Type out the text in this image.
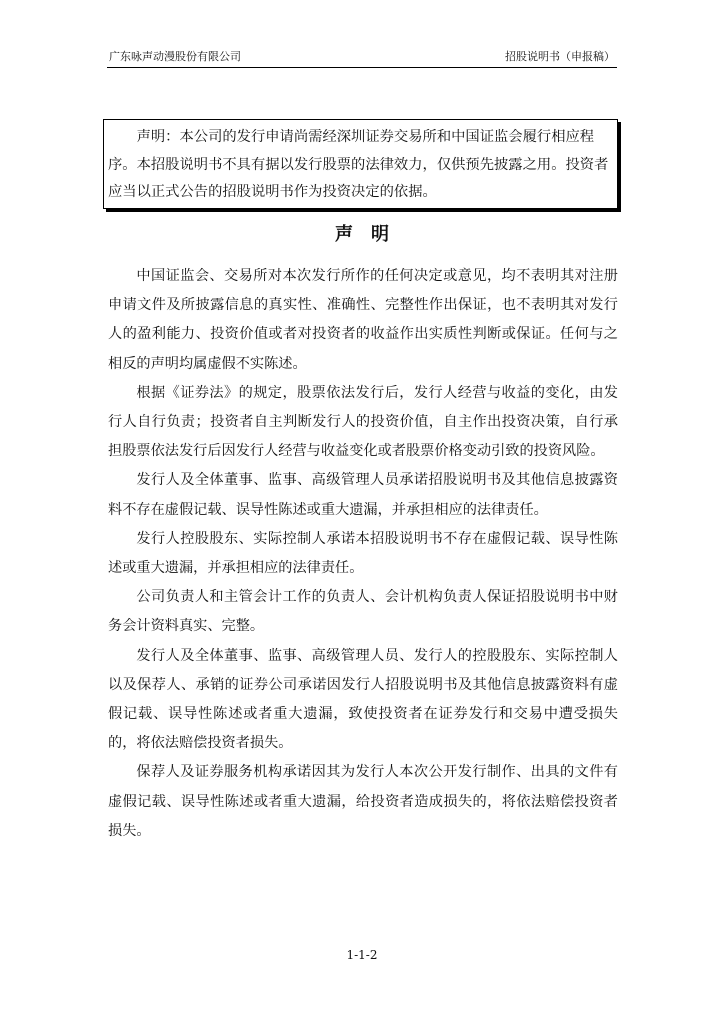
广东咏声动漫股份有限公司	招股说明书（申报稿）

声明：本公司的发行申请尚需经深圳证券交易所和中国证监会履行相应程序。本招股说明书不具有据以发行股票的法律效力，仅供预先披露之用。投资者应当以正式公告的招股说明书作为投资决定的依据。

声明

中国证监会、交易所对本次发行所作的任何决定或意见，均不表明其对注册申请文件及所披露信息的真实性、准确性、完整性作出保证，也不表明其对发行人的盈利能力、投资价值或者对投资者的收益作出实质性判断或保证。任何与之相反的声明均属虚假不实陈述。

根据《证券法》的规定，股票依法发行后，发行人经营与收益的变化，由发行人自行负责；投资者自主判断发行人的投资价值，自主作出投资决策，自行承担股票依法发行后因发行人经营与收益变化或者股票价格变动引致的投资风险。

发行人及全体董事、监事、高级管理人员承诺招股说明书及其他信息披露资料不存在虚假记载、误导性陈述或重大遗漏，并承担相应的法律责任。

发行人控股股东、实际控制人承诺本招股说明书不存在虚假记载、误导性陈述或重大遗漏，并承担相应的法律责任。

公司负责人和主管会计工作的负责人、会计机构负责人保证招股说明书中财务会计资料真实、完整。

发行人及全体董事、监事、高级管理人员、发行人的控股股东、实际控制人以及保荐人、承销的证券公司承诺因发行人招股说明书及其他信息披露资料有虚假记载、误导性陈述或者重大遗漏，致使投资者在证券发行和交易中遭受损失的，将依法赔偿投资者损失。

保荐人及证券服务机构承诺因其为发行人本次公开发行制作、出具的文件有虚假记载、误导性陈述或者重大遗漏，给投资者造成损失的，将依法赔偿投资者损失。

1-1-2
